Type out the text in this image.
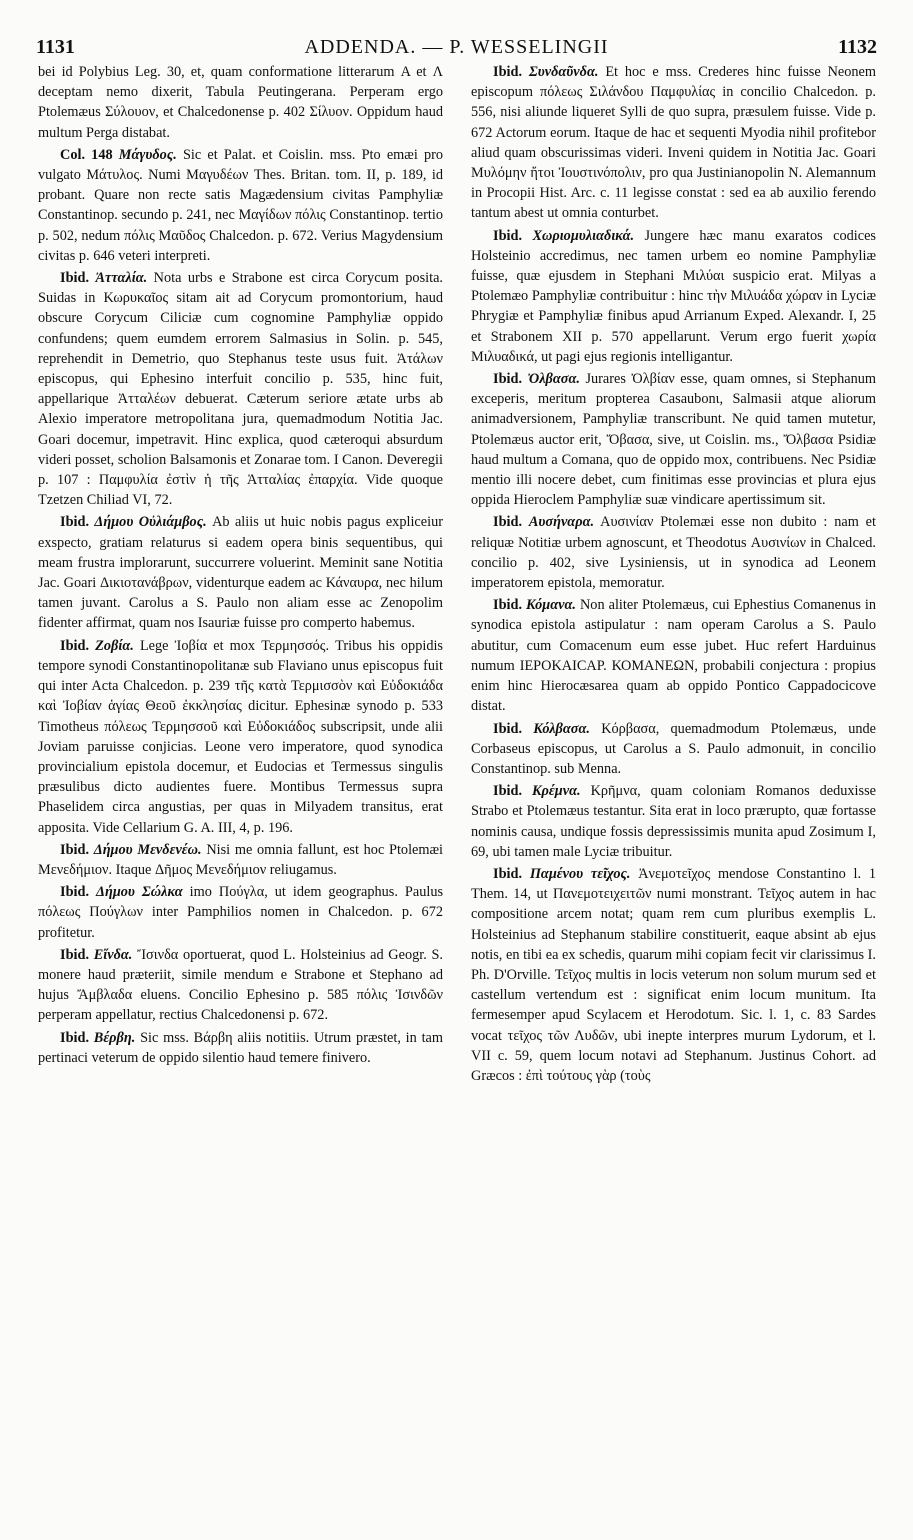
1131	ADDENDA. — P. WESSELINGII	1132

bei id Polybius Leg. 30, et, quam conformatione litterarum Α et Λ deceptam nemo dixerit, Tabula Peutingerana. Perperam ergo Ptolemæus Σύλουον, et Chalcedonense p. 402 Σίλυον. Oppidum haud multum Perga distabat.

Col. 148 Μάγυδος. Sic et Palat. et Coislin. mss. Pto emæi pro vulgato Μάτυλος. Numi Μαγυδέων Thes. Britan. tom. II, p. 189, id probant. Quare non recte satis Magædensium civitas Pamphyliæ Constantinop. secundo p. 241, nec Μαγίδων πόλις Constantinop. tertio p. 502, nedum πόλις Μαῦδος Chalcedon. p. 672. Verius Magydensium civitas p. 646 veteri interpreti.

Ibid. Ἀτταλία. Nota urbs e Strabone est circa Corycum posita. Suidas in Κωρυκαῖος sitam ait ad Corycum promontorium, haud obscure Corycum Ciliciæ cum cognomine Pamphyliæ oppido confundens; quem eumdem errorem Salmasius in Solin. p. 545, reprehendit in Demetrio, quo Stephanus teste usus fuit. Ἀτάλων episcopus, qui Ephesino interfuit concilio p. 535, hinc fuit, appellarique Ἀτταλέων debuerat. Cæterum seriore ætate urbs ab Alexio imperatore metropolitana jura, quemadmodum Notitia Jac. Goari docemur, impetravit. Hinc explica, quod cæteroqui absurdum videri posset, scholion Balsamonis et Zonarae tom. I Canon. Deveregii p. 107 : Παμφυλία ἐστὶν ἡ τῆς Ἀτταλίας ἐπαρχία. Vide quoque Tzetzen Chiliad VI, 72.

Ibid. Δήμου Οὐλιάμβος. Ab aliis ut huic nobis pagus expliceiur exspecto, gratiam relaturus si eadem opera binis sequentibus, qui meam frustra implorarunt, succurrere voluerint. Meminit sane Notitia Jac. Goari Δικιοτανάβρων, videnturque eadem ac Κάναυρα, nec hilum tamen juvant. Carolus a S. Paulo non aliam esse ac Zenopolim fidenter affirmat, quam nos Isauriæ fuisse pro comperto habemus.

Ibid. Ζοβία. Lege Ἰοβία et mox Τερμησσός. Tribus his oppidis tempore synodi Constantinopolitanæ sub Flaviano unus episcopus fuit qui inter Acta Chalcedon. p. 239 τῆς κατὰ Τερμισσὸν καὶ Εὐδοκιάδα καὶ Ἰοβίαν ἁγίας Θεοῦ ἐκκλησίας dicitur. Ephesinæ synodo p. 533 Timotheus πόλεως Τερμησσοῦ καὶ Εὐδοκιάδος subscripsit, unde alii Joviam paruisse conjicias. Leone vero imperatore, quod synodica provincialium epistola docemur, et Eudocias et Termessus singulis præsulibus dicto audientes fuere. Montibus Termessus supra Phaselidem circa angustias, per quas in Milyadem transitus, erat apposita. Vide Cellarium G. A. III, 4, p. 196.

Ibid. Δήμου Μενδενέω. Nisi me omnia fallunt, est hoc Ptolemæi Μενεδήμιον. Itaque Δῆμος Μενεδήμιον reliugamus.

Ibid. Δήμου Σώλκα imo Πούγλα, ut idem geographus. Paulus πόλεως Πούγλων inter Pamphilios nomen in Chalcedon. p. 672 profitetur.

Ibid. Εἴνδα. Ἴσινδα oportuerat, quod L. Holsteinius ad Geogr. S. monere haud præteriit, simile mendum e Strabone et Stephano ad hujus Ἄμβλαδα eluens. Concilio Ephesino p. 585 πόλις Ἰσινδῶν perperam appellatur, rectius Chalcedonensi p. 672.

Ibid. Βέρβη. Sic mss. Βάρβη aliis notitiis. Utrum præstet, in tam pertinaci veterum de oppido silentio haud temere finivero.

Ibid. Συνδαῦνδα. Et hoc e mss. Crederes hinc fuisse Neonem episcopum πόλεως Σιλάνδου Παμφυλίας in concilio Chalcedon. p. 556, nisi aliunde liqueret Sylli de quo supra, præsulem fuisse. Vide p. 672 Actorum eorum. Itaque de hac et sequenti Myodia nihil profitebor aliud quam obscurissimas videri. Inveni quidem in Notitia Jac. Goari Μυλόμην ἤτοι Ἰουστινόπολιν, pro qua Justinianopolin N. Alemannum in Procopii Hist. Arc. c. 11 legisse constat : sed ea ab auxilio ferendo tantum abest ut omnia conturbet.

Ibid. Χωριομυλιαδικά. Jungere hæc manu exaratos codices Holsteinio accredimus, nec tamen urbem eo nomine Pamphyliæ fuisse, quæ ejusdem in Stephani Μιλύαι suspicio erat. Milyas a Ptolemæo Pamphyliæ contribuitur : hinc τὴν Μιλυάδα χώραν in Lyciæ Phrygiæ et Pamphyliæ finibus apud Arrianum Exped. Alexandr. I, 25 et Strabonem XII p. 570 appellarunt. Verum ergo fuerit χωρία Μιλυαδικά, ut pagi ejus regionis intelligantur.

Ibid. Ὀλβασα. Jurares Ὀλβίαν esse, quam omnes, si Stephanum exceperis, meritum propterea Casaubonι, Salmasii atque aliorum animadversionem, Pamphyliæ transcribunt. Ne quid tamen mutetur, Ptolemæus auctor erit, Ὄβασα, sive, ut Coislin. ms., Ὄλβασα Psidiæ haud multum a Comana, quo de oppido mox, contribuens. Nec Psidiæ mentio illi nocere debet, cum finitimas esse provincias et plura ejus oppida Hieroclem Pamphyliæ suæ vindicare apertissimum sit.

Ibid. Αυσήναρα. Αυσινίαν Ptolemæi esse non dubito : nam et reliquæ Notitiæ urbem agnoscunt, et Theodotus Αυσινίων in Chalced. concilio p. 402, sive Lysiniensis, ut in synodica ad Leonem imperatorem epistola, memoratur.

Ibid. Κόμανα. Non aliter Ptolemæus, cui Ephestius Comanenus in synodica epistola astipulatur : nam operam Carolus a S. Paulo abutitur, cum Comacenum eum esse jubet. Huc refert Harduinus numum ΙΕΡΟΚΑΙCΑΡ. ΚΟΜΑΝΕΩΝ, probabili conjectura : propius enim hinc Hierocæsarea quam ab oppido Pontico Cappadocicove distat.

Ibid. Κόλβασα. Κόρβασα, quemadmodum Ptolemæus, unde Corbaseus episcopus, ut Carolus a S. Paulo admonuit, in concilio Constantinop. sub Menna.

Ibid. Κρέμνα. Κρῆμνα, quam coloniam Romanos deduxisse Strabo et Ptolemæus testantur. Sita erat in loco prærupto, quæ fortasse nominis causa, undique fossis depressissimis munita apud Zosimum I, 69, ubi tamen male Lyciæ tribuitur.

Ibid. Παμένου τεῖχος. Ἀνεμοτεῖχος mendose Constantino l. 1 Them. 14, ut Πανεμοτειχειτῶν numi monstrant. Τεῖχος autem in hac compositione arcem notat; quam rem cum pluribus exemplis L. Holsteinius ad Stephanum stabilire constituerit, eaque absint ab ejus notis, en tibi ea ex schedis, quarum mihi copiam fecit vir clarissimus I. Ph. D'Orville. Τεῖχος multis in locis veterum non solum murum sed et castellum vertendum est : significat enim locum munitum. Ita fermesemper apud Scylacem et Herodotum. Sic. l. 1, c. 83 Sardes vocat τεῖχος τῶν Λυδῶν, ubi inepte interpres murum Lydorum, et l. VII c. 59, quem locum notavi ad Stephanum. Justinus Cohort. ad Græcos : ἐπὶ τούτους γὰρ (τοὺς
